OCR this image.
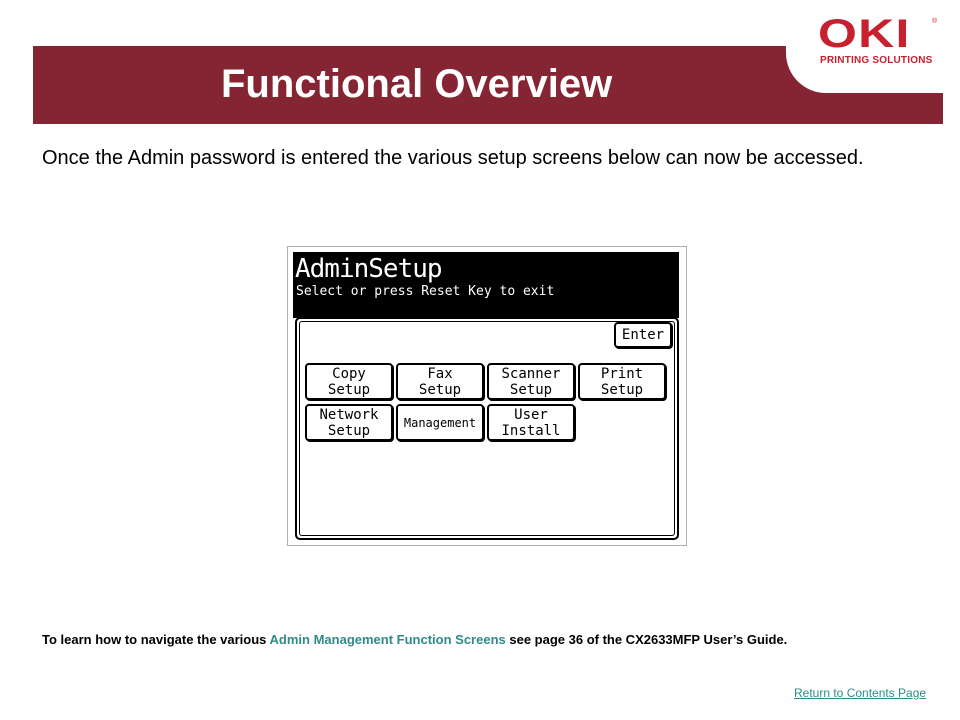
OKI	®
PRINTING SOLUTIONS
Functional Overview

Once the Admin password is entered the various setup screens below can now be accessed.

AdminSetup
Select or press Reset Key to exit
Enter
Copy
Setup
Fax
Setup
Scanner
Setup
Print
Setup
Network
Setup	Management	User
Install

To learn how to navigate the various Admin Management Function Screens see page 36 of the CX2633MFP User’s Guide.

Return to Contents Page
